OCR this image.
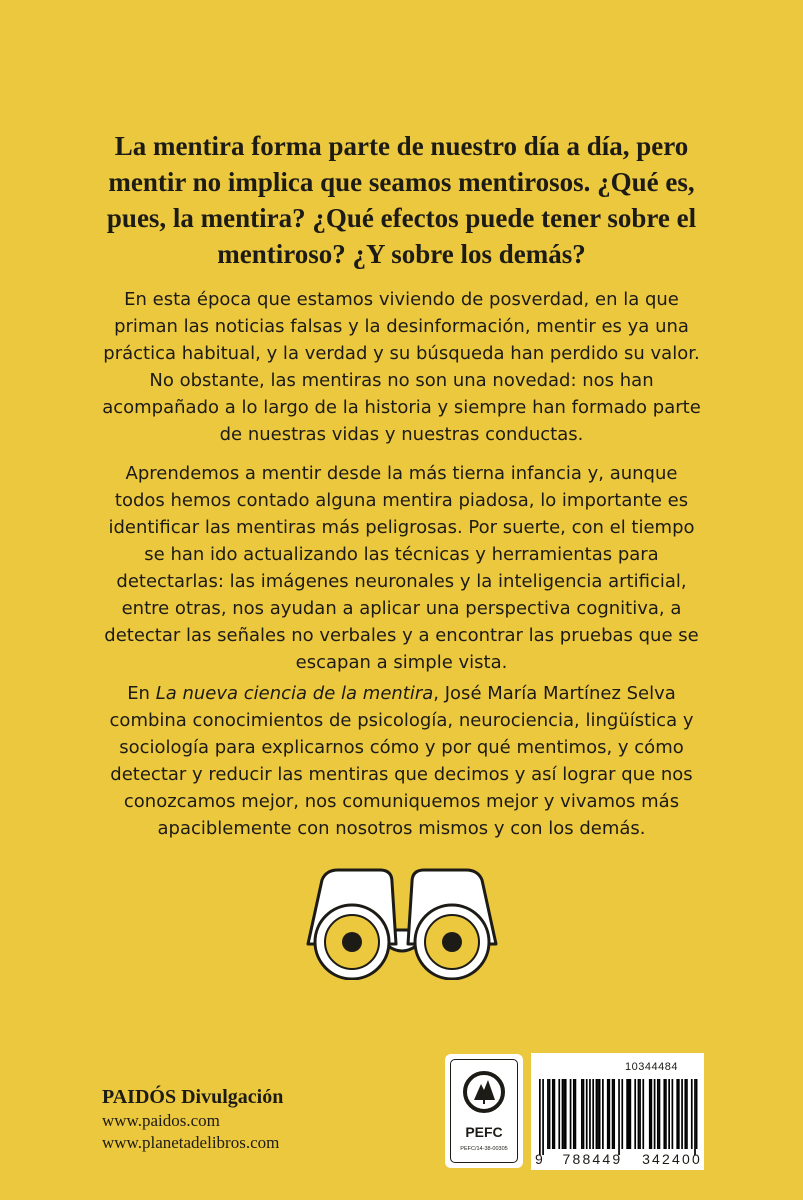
La mentira forma parte de nuestro día a día, pero mentir no implica que seamos mentirosos. ¿Qué es, pues, la mentira? ¿Qué efectos puede tener sobre el mentiroso? ¿Y sobre los demás?

En esta época que estamos viviendo de posverdad, en la que priman las noticias falsas y la desinformación, mentir es ya una práctica habitual, y la verdad y su búsqueda han perdido su valor. No obstante, las mentiras no son una novedad: nos han acompañado a lo largo de la historia y siempre han formado parte de nuestras vidas y nuestras conductas.

Aprendemos a mentir desde la más tierna infancia y, aunque todos hemos contado alguna mentira piadosa, lo importante es identificar las mentiras más peligrosas. Por suerte, con el tiempo se han ido actualizando las técnicas y herramientas para detectarlas: las imágenes neuronales y la inteligencia artificial, entre otras, nos ayudan a aplicar una perspectiva cognitiva, a detectar las señales no verbales y a encontrar las pruebas que se escapan a simple vista.

En La nueva ciencia de la mentira, José María Martínez Selva combina conocimientos de psicología, neurociencia, lingüística y sociología para explicarnos cómo y por qué mentimos, y cómo detectar y reducir las mentiras que decimos y así lograr que nos conozcamos mejor, nos comuniquemos mejor y vivamos más apaciblemente con nosotros mismos y con los demás.

PAIDÓS Divulgación
www.paidos.com
www.planetadelibros.com
PEFC
PEFC/14-38-00305
10344484
9 788449 342400
